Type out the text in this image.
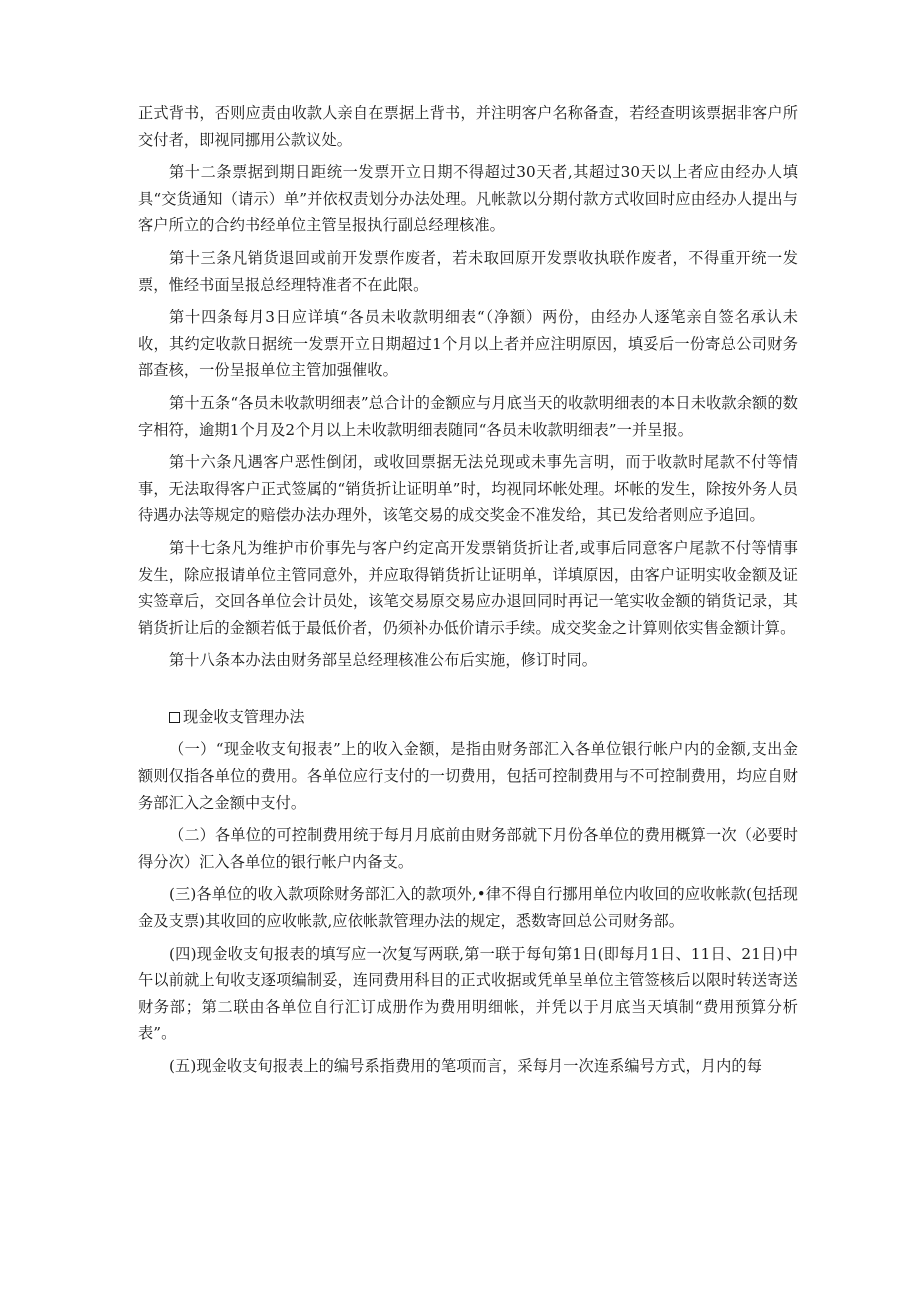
正式背书，否则应责由收款人亲自在票据上背书，并注明客户名称备查，若经查明该票据非客户所交付者，即视同挪用公款议处。

第十二条票据到期日距统一发票开立日期不得超过30天者,其超过30天以上者应由经办人填具“交货通知（请示）单”并依权责划分办法处理。凡帐款以分期付款方式收回时应由经办人提出与客户所立的合约书经单位主管呈报执行副总经理核准。

第十三条凡销货退回或前开发票作废者，若未取回原开发票收执联作废者，不得重开统一发票，惟经书面呈报总经理特准者不在此限。

第十四条每月3日应详填“各员未收款明细表“（净额）两份，由经办人逐笔亲自签名承认未收，其约定收款日据统一发票开立日期超过1个月以上者并应注明原因，填妥后一份寄总公司财务部查核，一份呈报单位主管加强催收。

第十五条“各员未收款明细表”总合计的金额应与月底当天的收款明细表的本日未收款余额的数字相符，逾期1个月及2个月以上未收款明细表随同“各员未收款明细表”一并呈报。

第十六条凡遇客户恶性倒闭，或收回票据无法兑现或未事先言明，而于收款时尾款不付等情事，无法取得客户正式签属的“销货折让证明单”时，均视同坏帐处理。坏帐的发生，除按外务人员待遇办法等规定的赔偿办法办理外，该笔交易的成交奖金不准发给，其已发给者则应予追回。

第十七条凡为维护市价事先与客户约定高开发票销货折让者,或事后同意客户尾款不付等情事发生，除应报请单位主管同意外，并应取得销货折让证明单，详填原因，由客户证明实收金额及证实签章后，交回各单位会计员处，该笔交易原交易应办退回同时再记一笔实收金额的销货记录，其销货折让后的金额若低于最低价者，仍须补办低价请示手续。成交奖金之计算则依实售金额计算。

第十八条本办法由财务部呈总经理核准公布后实施，修订时同。

现金收支管理办法

（一）“现金收支旬报表”上的收入金额，是指由财务部汇入各单位银行帐户内的金额,支出金额则仅指各单位的费用。各单位应行支付的一切费用，包括可控制费用与不可控制费用，均应自财务部汇入之金额中支付。

（二）各单位的可控制费用统于每月月底前由财务部就下月份各单位的费用概算一次（必要时得分次）汇入各单位的银行帐户内备支。

(三)各单位的收入款项除财务部汇入的款项外,•律不得自行挪用单位内收回的应收帐款(包括现金及支票)其收回的应收帐款,应依帐款管理办法的规定，悉数寄回总公司财务部。

(四)现金收支旬报表的填写应一次复写两联,第一联于每旬第1日(即每月1日、11日、21日)中午以前就上旬收支逐项编制妥，连同费用科目的正式收据或凭单呈单位主管签核后以限时转送寄送财务部；第二联由各单位自行汇订成册作为费用明细帐，并凭以于月底当天填制“费用预算分析表”。

(五)现金收支旬报表上的编号系指费用的笔项而言，采每月一次连系编号方式，月内的每
